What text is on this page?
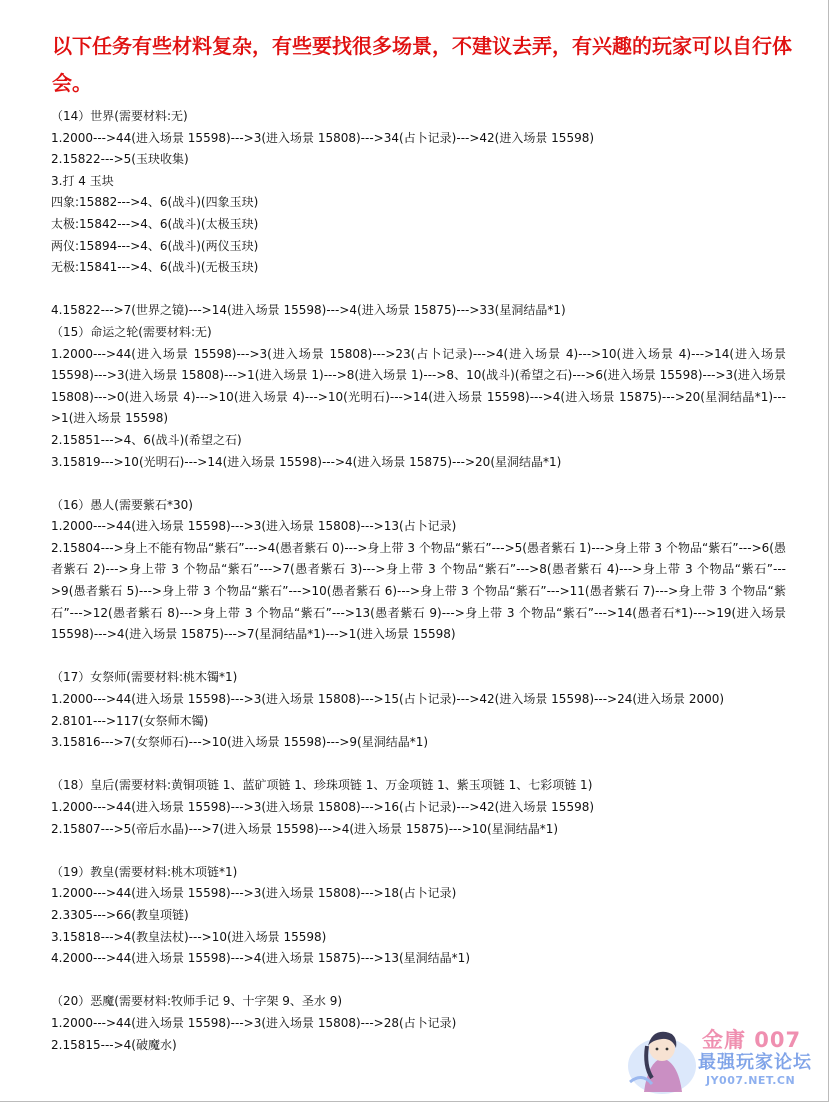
以下任务有些材料复杂，有些要找很多场景，不建议去弄，有兴趣的玩家可以自行体会。

（14）世界(需要材料:无)

1.2000--->44(进入场景 15598)--->3(进入场景 15808)--->34(占卜记录)--->42(进入场景 15598)

2.15822--->5(玉玦收集)

3.打 4 玉块

四象:15882--->4、6(战斗)(四象玉玦)

太极:15842--->4、6(战斗)(太极玉玦)

两仪:15894--->4、6(战斗)(两仪玉玦)

无极:15841--->4、6(战斗)(无极玉玦)

4.15822--->7(世界之镜)--->14(进入场景 15598)--->4(进入场景 15875)--->33(星洞结晶*1)

（15）命运之轮(需要材料:无)

1.2000--->44(进入场景 15598)--->3(进入场景 15808)--->23(占卜记录)--->4(进入场景 4)--->10(进入场景 4)--->14(进入场景 15598)--->3(进入场景 15808)--->1(进入场景 1)--->8(进入场景 1)--->8、10(战斗)(希望之石)--->6(进入场景 15598)--->3(进入场景 15808)--->0(进入场景 4)--->10(进入场景 4)--->10(光明石)--->14(进入场景 15598)--->4(进入场景 15875)--->20(星洞结晶*1)--->1(进入场景 15598)

2.15851--->4、6(战斗)(希望之石)

3.15819--->10(光明石)--->14(进入场景 15598)--->4(进入场景 15875)--->20(星洞结晶*1)

（16）愚人(需要紫石*30)

1.2000--->44(进入场景 15598)--->3(进入场景 15808)--->13(占卜记录)

2.15804--->身上不能有物品“紫石”--->4(愚者紫石 0)--->身上带 3 个物品“紫石”--->5(愚者紫石 1)--->身上带 3 个物品“紫石”--->6(愚者紫石 2)--->身上带 3 个物品“紫石”--->7(愚者紫石 3)--->身上带 3 个物品“紫石”--->8(愚者紫石 4)--->身上带 3 个物品“紫石”--->9(愚者紫石 5)--->身上带 3 个物品“紫石”--->10(愚者紫石 6)--->身上带 3 个物品“紫石”--->11(愚者紫石 7)--->身上带 3 个物品“紫石”--->12(愚者紫石 8)--->身上带 3 个物品“紫石”--->13(愚者紫石 9)--->身上带 3 个物品“紫石”--->14(愚者石*1)--->19(进入场景 15598)--->4(进入场景 15875)--->7(星洞结晶*1)--->1(进入场景 15598)

（17）女祭师(需要材料:桃木镯*1)

1.2000--->44(进入场景 15598)--->3(进入场景 15808)--->15(占卜记录)--->42(进入场景 15598)--->24(进入场景 2000)

2.8101--->117(女祭师木镯)

3.15816--->7(女祭师石)--->10(进入场景 15598)--->9(星洞结晶*1)

（18）皇后(需要材料:黄铜项链 1、蓝矿项链 1、珍珠项链 1、万金项链 1、紫玉项链 1、七彩项链 1)

1.2000--->44(进入场景 15598)--->3(进入场景 15808)--->16(占卜记录)--->42(进入场景 15598)

2.15807--->5(帝后水晶)--->7(进入场景 15598)--->4(进入场景 15875)--->10(星洞结晶*1)

（19）教皇(需要材料:桃木项链*1)

1.2000--->44(进入场景 15598)--->3(进入场景 15808)--->18(占卜记录)

2.3305--->66(教皇项链)

3.15818--->4(教皇法杖)--->10(进入场景 15598)

4.2000--->44(进入场景 15598)--->4(进入场景 15875)--->13(星洞结晶*1)

（20）恶魔(需要材料:牧师手记 9、十字架 9、圣水 9)

1.2000--->44(进入场景 15598)--->3(进入场景 15808)--->28(占卜记录)

2.15815--->4(破魔水)	金庸 007
最强玩家论坛
JY007.NET.CN
